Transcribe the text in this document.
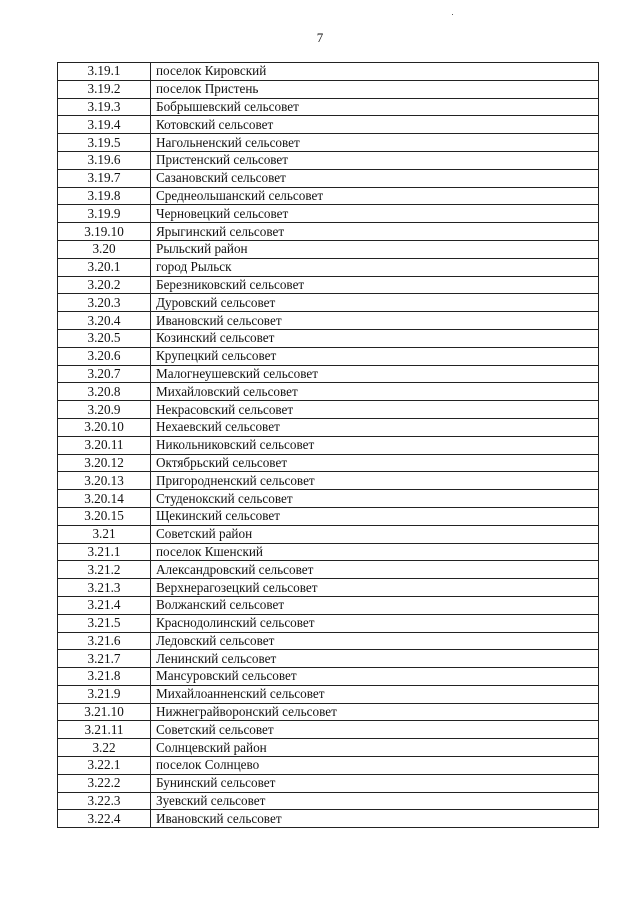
7
3.19.1	поселок Кировский
3.19.2	поселок Пристень
3.19.3	Бобрышевский сельсовет
3.19.4	Котовский сельсовет
3.19.5	Нагольненский сельсовет
3.19.6	Пристенский сельсовет
3.19.7	Сазановский сельсовет
3.19.8	Среднеольшанский сельсовет
3.19.9	Черновецкий сельсовет
3.19.10	Ярыгинский сельсовет
3.20	Рыльский район
3.20.1	город Рыльск
3.20.2	Березниковский сельсовет
3.20.3	Дуровский сельсовет
3.20.4	Ивановский сельсовет
3.20.5	Козинский сельсовет
3.20.6	Крупецкий сельсовет
3.20.7	Малогнеушевский сельсовет
3.20.8	Михайловский сельсовет
3.20.9	Некрасовский сельсовет
3.20.10	Нехаевский сельсовет
3.20.11	Никольниковский сельсовет
3.20.12	Октябрьский сельсовет
3.20.13	Пригородненский сельсовет
3.20.14	Студенокский сельсовет
3.20.15	Щекинский сельсовет
3.21	Советский район
3.21.1	поселок Кшенский
3.21.2	Александровский сельсовет
3.21.3	Верхнерагозецкий сельсовет
3.21.4	Волжанский сельсовет
3.21.5	Краснодолинский сельсовет
3.21.6	Ледовский сельсовет
3.21.7	Ленинский сельсовет
3.21.8	Мансуровский сельсовет
3.21.9	Михайлоанненский сельсовет
3.21.10	Нижнеграйворонский сельсовет
3.21.11	Советский сельсовет
3.22	Солнцевский район
3.22.1	поселок Солнцево
3.22.2	Бунинский сельсовет
3.22.3	Зуевский сельсовет
3.22.4	Ивановский сельсовет
